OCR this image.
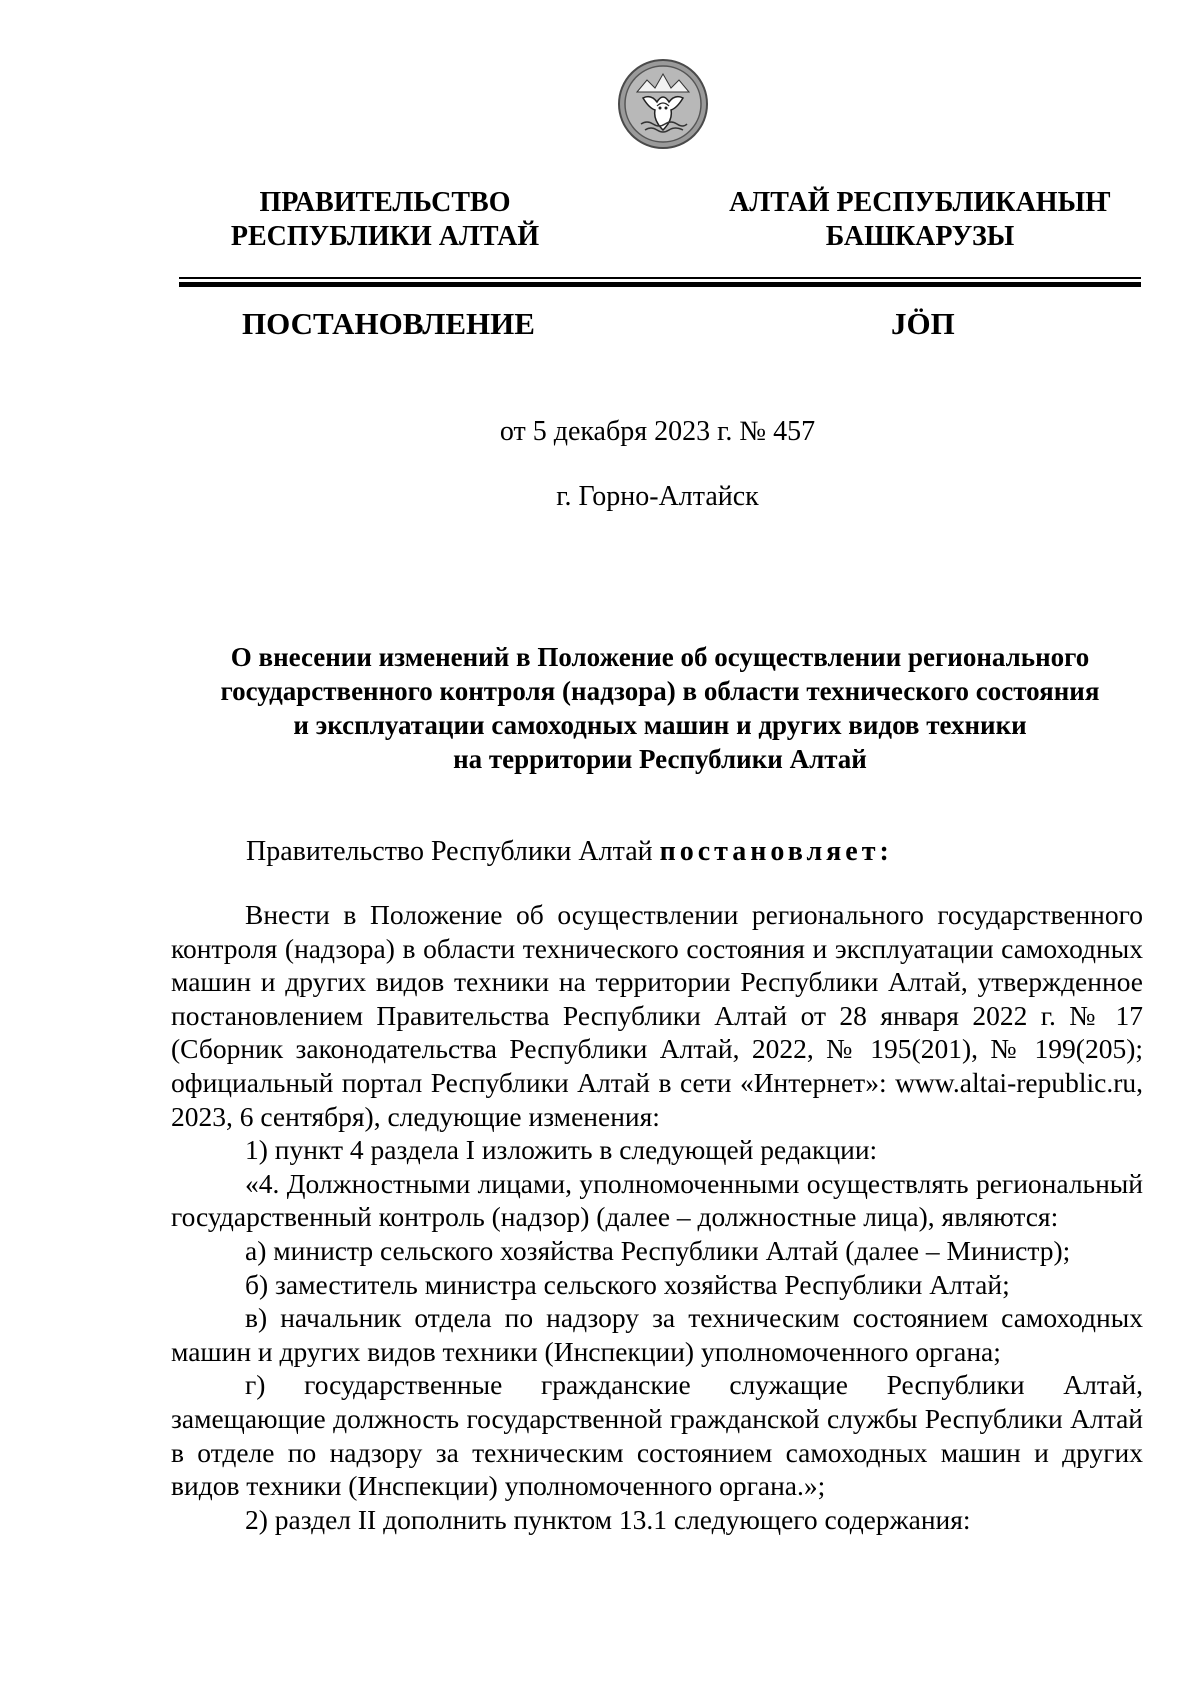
ПРАВИТЕЛЬСТВО
РЕСПУБЛИКИ АЛТАЙ
АЛТАЙ РЕСПУБЛИКАНЫҤ
БАШКАРУЗЫ
ПОСТАНОВЛЕНИЕ	JÖП
от 5 декабря 2023 г. № 457
г. Горно-Алтайск
О внесении изменений в Положение об осуществлении регионального
государственного контроля (надзора) в области технического состояния
и эксплуатации самоходных машин и других видов техники
на территории Республики Алтай
Правительство Республики Алтай постановляет:

Внести в Положение об осуществлении регионального государственного контроля (надзора) в области технического состояния и эксплуатации самоходных машин и других видов техники на территории Республики Алтай, утвержденное постановлением Правительства Республики Алтай от 28 января 2022 г. № 17 (Сборник законодательства Республики Алтай, 2022, № 195(201), № 199(205); официальный портал Республики Алтай в сети «Интернет»: www.altai-republic.ru, 2023, 6 сентября), следующие изменения:

1) пункт 4 раздела I изложить в следующей редакции:

«4. Должностными лицами, уполномоченными осуществлять региональный государственный контроль (надзор) (далее – должностные лица), являются:

а) министр сельского хозяйства Республики Алтай (далее – Министр);

б) заместитель министра сельского хозяйства Республики Алтай;

в) начальник отдела по надзору за техническим состоянием самоходных машин и других видов техники (Инспекции) уполномоченного органа;

г) государственные гражданские служащие Республики Алтай, замещающие должность государственной гражданской службы Республики Алтай в отделе по надзору за техническим состоянием самоходных машин и других видов техники (Инспекции) уполномоченного органа.»;

2) раздел II дополнить пунктом 13.1 следующего содержания:
